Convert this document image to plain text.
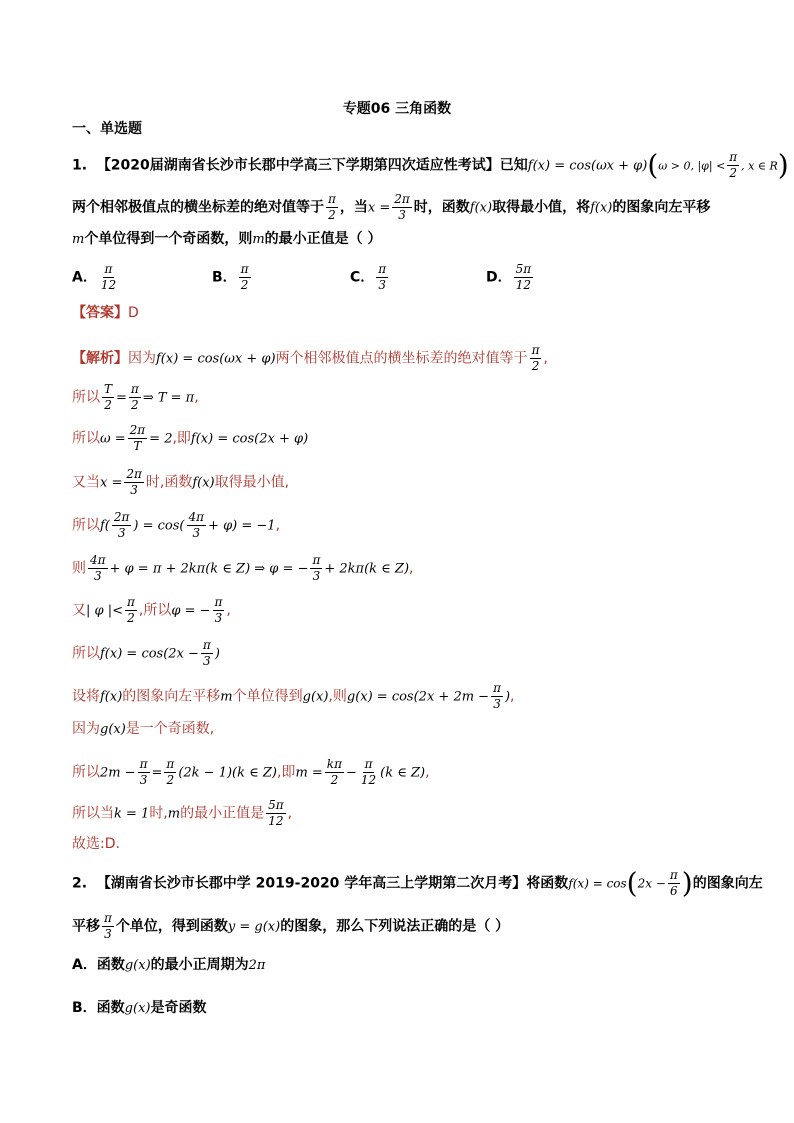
专题06 三角函数
一、单选题
1. 【2020届湖南省长沙市长郡中学高三下学期第四次适应性考试】已知f(x) = cos(ωx + φ)(ω > 0, $|\varphi| < \frac{\pi}{2}$ , x ∈ R)
两个相邻极值点的横坐标差的绝对值等于 $\frac{\pi}{2}$ ，当$x = \frac{2\pi}{3}$ 时，函数f(x)取得最小值，将f(x)的图象向左平移
m个单位得到一个奇函数，则m的最小正值是（ ）
A． $\frac{\pi}{12}$	B． $\frac{\pi}{2}$	C． $\frac{\pi}{3}$	D． $\frac{5\pi}{12}$
【答案】D
【解析】因为f(x) = cos(ωx + φ)两个相邻极值点的横坐标差的绝对值等于 $\frac{\pi}{2}$ ,
所以 $\frac{T}{2} = \frac{\pi}{2}$ ⇒ T = π,
所以$\omega = \frac{2\pi}{T} = 2$,即f(x) = cos(2x + φ)
又当$x = \frac{2\pi}{3}$ 时,函数f(x)取得最小值,
所以$f( \frac{2\pi}{3}$ ) = $\cos( \frac{4\pi}{3} + \varphi) = -1$,
则 $\frac{4\pi}{3} + \varphi = \pi + 2k\pi(k$ ∈ Z) ⇒ φ = − $\frac{\pi}{3} + 2k\pi(k$ ∈ Z),
又| φ |< $\frac{\pi}{2}$ ,所以φ = − $\frac{\pi}{3}$ ,
所以$f(x) = \cos(2x - \frac{\pi}{3}$ )
设将f(x)的图象向左平移m个单位得到g(x),则$g(x) = \cos(2x + 2m - \frac{\pi}{3}$ ),
因为g(x)是一个奇函数,
所以$2m - \frac{\pi}{3} = \frac{\pi}{2} (2k - 1)(k$ ∈ Z),即$m = \frac{k\pi}{2} - \frac{\pi}{12} (k$ ∈ Z),
所以当k = 1时,m的最小正值是 $\frac{5\pi}{12}$ ,
故选:D.
2. 【湖南省长沙市长郡中学 2019-2020 学年高三上学期第二次月考】将函数$f(x) = \cos(2x - \frac{\pi}{6}$ )的图象向左
平移 $\frac{\pi}{3}$ 个单位，得到函数y = g(x)的图象，那么下列说法正确的是（ ）
A．函数g(x)的最小正周期为2π
B．函数g(x)是奇函数
